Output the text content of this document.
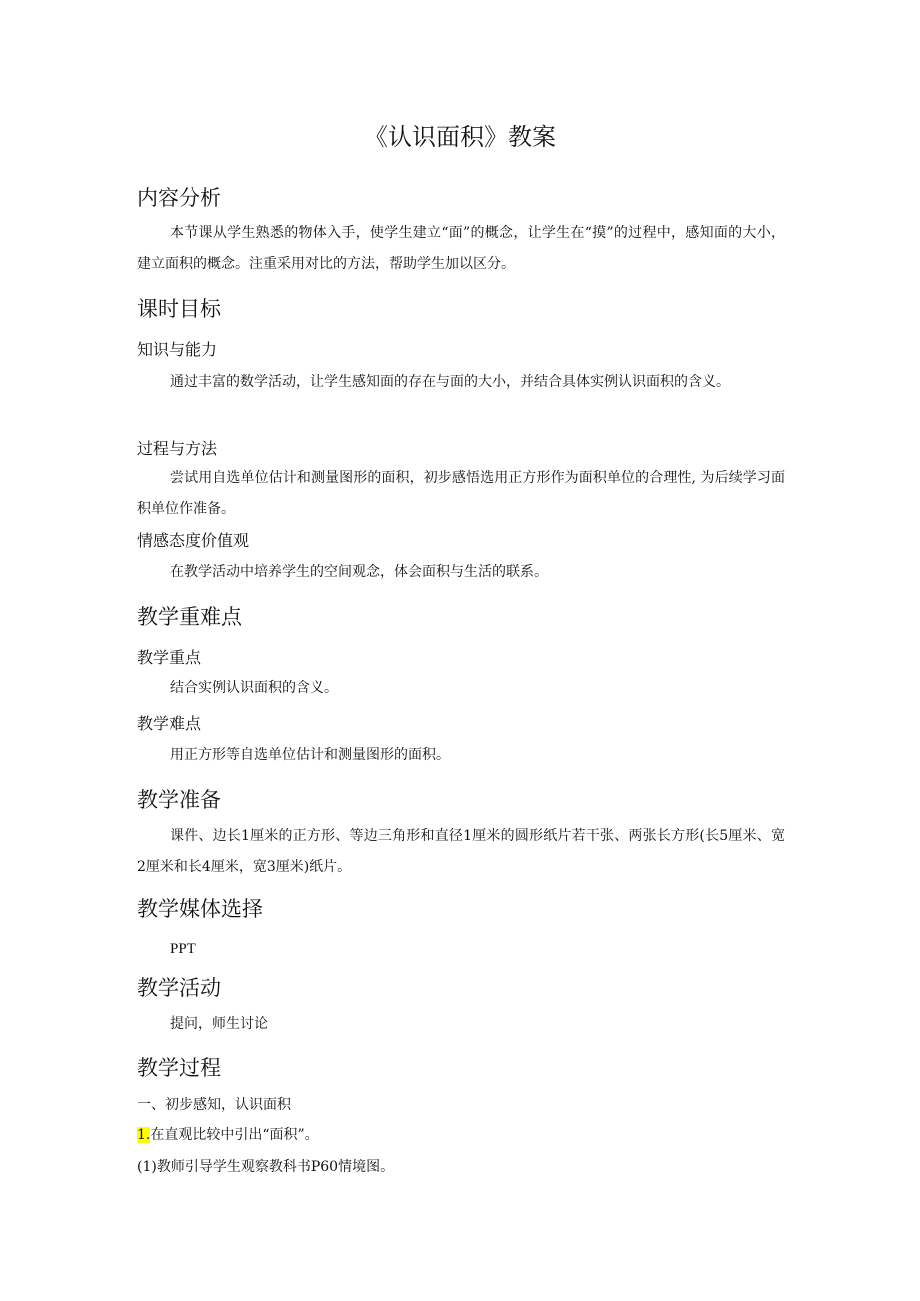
《认识面积》教案
内容分析
本节课从学生熟悉的物体入手，使学生建立“面”的概念，让学生在“摸”的过程中，感知面的大小，建立面积的概念。注重采用对比的方法，帮助学生加以区分。
课时目标
知识与能力
通过丰富的数学活动，让学生感知面的存在与面的大小，并结合具体实例认识面积的含义。
过程与方法
尝试用自选单位估计和测量图形的面积，初步感悟选用正方形作为面积单位的合理性, 为后续学习面积单位作准备。
情感态度价值观
在教学活动中培养学生的空间观念，体会面积与生活的联系。
教学重难点
教学重点
结合实例认识面积的含义。
教学难点
用正方形等自选单位估计和测量图形的面积。
教学准备
课件、边长1厘米的正方形、等边三角形和直径1厘米的圆形纸片若干张、两张长方形(长5厘米、宽2厘米和长4厘米，宽3厘米)纸片。
教学媒体选择
PPT
教学活动
提问，师生讨论
教学过程
一、初步感知，认识面积
1.在直观比较中引出“面积”。
(1)教师引导学生观察教科书P60情境图。
